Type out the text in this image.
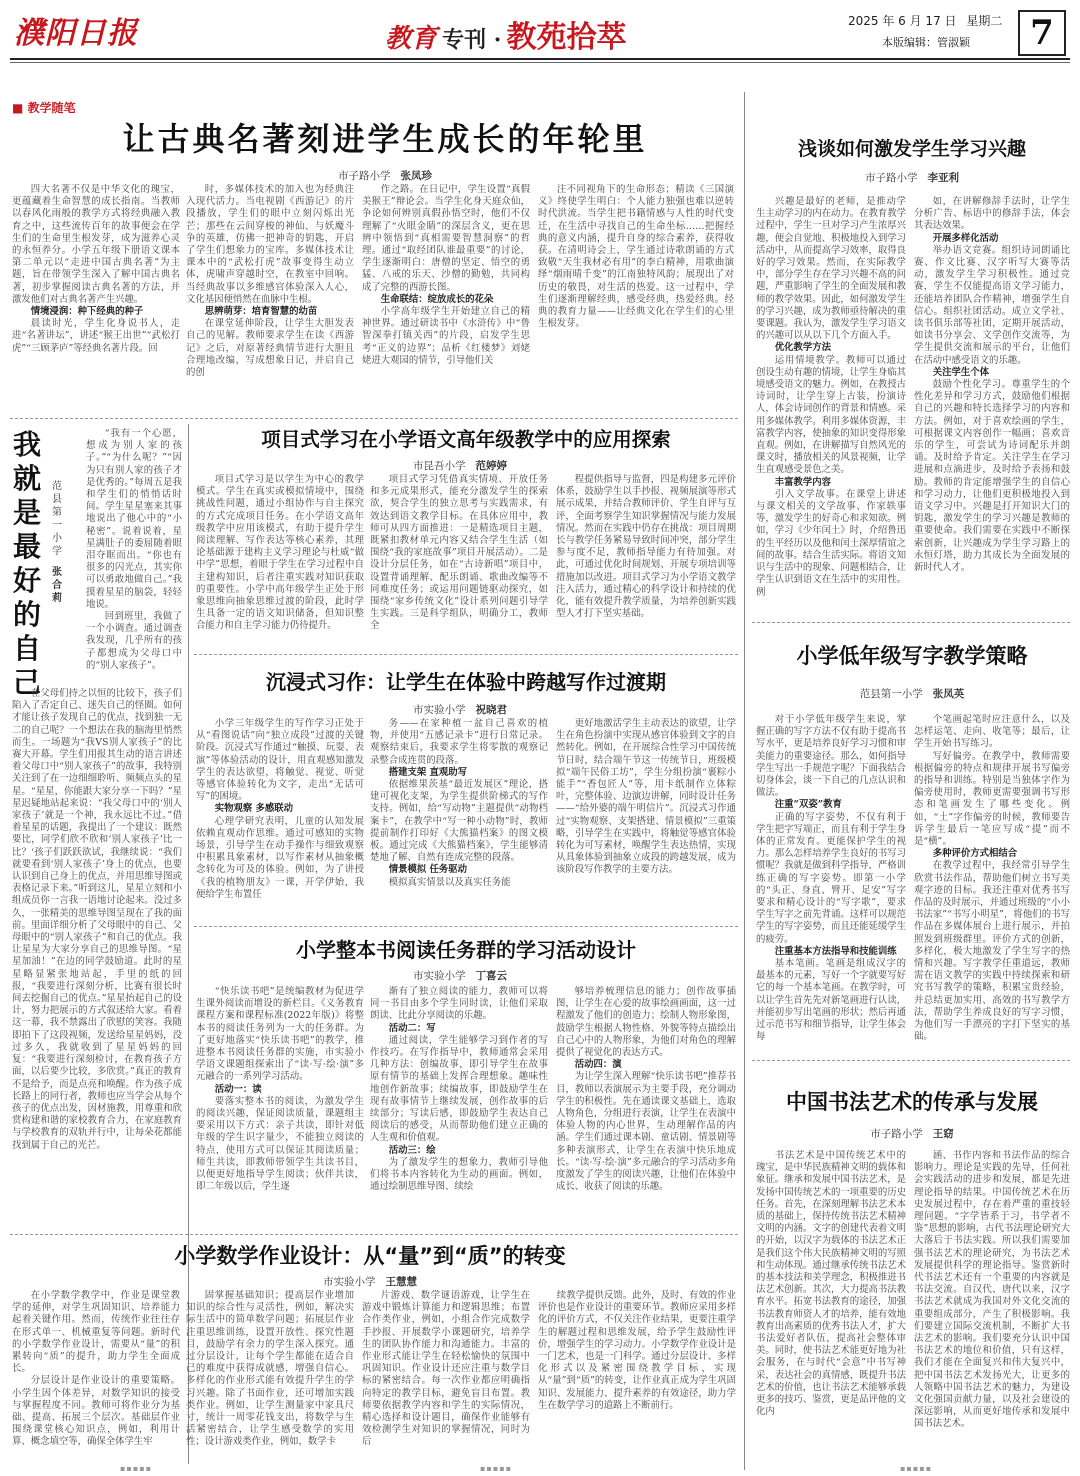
濮阳日报	教育 专刊 · 教苑拾萃	2025 年 6 月 17 日 星期二
本版编辑：管淑颖	7
■ 教学随笔
让古典名著刻进学生成长的年轮里
市子路小学 张凤珍

四大名著不仅是中华文化的瑰宝，更蕴藏着生命智慧的成长指南。当教师以春风化雨般的教学方式将经典融入教育之中，这些流传百年的故事便会在学生们的生命里生根发芽，成为滋养心灵的永恒养分。小学五年级下册语文课本第二单元以“走进中国古典名著”为主题，旨在带领学生深入了解中国古典名著，初步掌握阅读古典名著的方法，并激发他们对古典名著产生兴趣。

情境浸润：种下经典的种子

晨读时光，学生化身说书人，走进“名著讲坛”，讲述“猴王出世”“武松打虎”“三顾茅庐”等经典名著片段。回

时，多媒体技术的加入也为经典注入现代活力。当电视剧《西游记》的片段播放，学生们的眼中立刻闪烁出光芒；那些在云间穿梭的神仙、与妖魔斗争的英雄，仿佛一把神奇的钥匙，开启了学生们想象力的宝库。多媒体技术让课本中的“武松打虎”故事变得生动立体，虎啸声穿越时空，在教室中回响。当经典故事以多维感官体验深入人心，文化基因便悄然在血脉中生根。

思辨萌芽：培育智慧的幼苗

在课堂延伸阶段，让学生大胆发表自己的见解。教师要求学生在读《西游记》之后，对原著经典情节进行大胆且合理地改编，写成想象日记，并启自己的创

作之路。在日记中，学生设置“真假美猴王”辩论会。当学生化身天庭众仙，争论如何辨别真假孙悟空时，他们不仅理解了“火眼金睛”的深层含义，更在思辨中领悟到“真相需要智慧洞察”的哲理。通过“取经团队谁最重要”的讨论，学生逐渐明白：唐僧的坚定、悟空的勇猛、八戒的乐天、沙僧的勤勉，共同构成了完整的西游长图。

生命联结：绽放成长的花朵

小学高年级学生开始建立自己的精神世界。通过研读书中《水浒传》中“鲁智深拳打镇关西”的片段，启发学生思考“正义的边界”；品析《红楼梦》刘姥姥进大观园的情节，引导他们关

注不同视角下的生命形态；精读《三国演义》终使学生明白：个人能力独强也难以逆转时代洪流。当学生把书籍情感与人性的时代变迁，在生活中寻找自己的生命坐标……把握经典的意义内涵，提升自身的综合素养，获得收获。在清明诗会上，学生通过诗歌朗诵的方式致敬“天生我材必有用”的李白精神，用歌曲演绎“烟雨晴千变”的江南独特风韵；展现出了对历史的敬畏，对生活的热爱。这一过程中，学生们逐渐理解经典，感受经典，热爱经典。经典的教育力量——让经典文化在学生们的心里生根发芽。

我就是最好的自己
范县第一小学
张合莉

“我有一个心愿，想成为别人家的孩子。”“为什么呢？”“因为只有别人家的孩子才是优秀的。”每周五是我和学生们的悄悄话时间。学生星星塞来其事地说出了他心中的“小秘密”。说着说着，星星满肚子的委屈随着眼泪夺眶而出。“你也有很多的闪光点，其实你可以勇敢地做自己。”我摸着星星的脑袋，轻轻地说。

回到班里，我做了一个小调查。通过调查我发现，几乎所有的孩子都想成为父母口中的“别人家孩子”。

在父母们持之以恒的比较下，孩子们陷入了否定自己、迷失自己的怪圈。如何才能让孩子发现自己的优点，找到独一无二的自己呢？一个想法在我的脑海里悄然而生。一场题为“我VS别人家孩子”的比赛大开幕。学生们用报其生动的语言讲述着父母口中“别人家孩子”的故事，我特别关注到了在一边细细聆听、频频点头的星星。“星星，你能跟大家分享一下吗？”星星迟疑地站起来说：“我父母口中的‘别人家孩子’就是一个神，我永远比不过。”借着星星的话题，我提出了一个建议：既然要比，同学们欣不欣和‘别人家孩子’比一比？‘孩子们跃跃欲试，我继续说：“我们就要看到‘别人家孩子’身上的优点，也要认识到自己身上的优点，并用思维导图或表格记录下来。”听到这儿，星星立刻和小组成员你一言我一语地讨论起来。没过多久，一张精美的思维导图呈现在了我的面前。里面详细分析了父母眼中的自己、父母眼中的“别人家孩子”和自己的优点。我让星星为大家分享自己的思维导图。“星星加油！”在边的同学鼓励道。此时的星星略显紧张地站起，手里的纸的回报，“我要进行深刻分析，比赛有很长时间去挖掘自己的优点。”星星抬起自己的设计，努力把展示的方式叙述给大家。看着这一幕，我不禁露出了欣慰的笑容。我随即拍下了这段视频，发送给星星妈妈，没过多久，我就收到了星星妈妈的回复：“我要进行深刻检讨，在教育孩子方面，以后要少比较，多欣赏。”真正的教育不是给予，而是点亮和唤醒。作为孩子成长路上的同行者，教师也应当学会从每个孩子的优点出发，因材施教，用尊重和欣赏构建和谐的家校教育合力，在家庭教育与学校教育的双轨并行中，让每朵花都能找到属于自己的光芒。

项目式学习在小学语文高年级教学中的应用探索
市昆吾小学 范婷婷

项目式学习是以学生为中心的教学模式。学生在真实或模拟情境中，围绕挑战性问题，通过小组协作与自主探究的方式完成项目任务。在小学语文高年级教学中应用该模式，有助于提升学生阅读理解、写作表达等核心素养，其理论基础源于建构主义学习理论与杜威“做中学”思想，着眼于学生在学习过程中自主建构知识，后者注重实践对知识获取的重要性。小学中高年级学生正处于形象思维向抽象思维过渡的阶段，此时学生具备一定的语文知识储备，但知识整合能力和自主学习能力仍待提升。

项目式学习凭借真实情境、开放任务和多元成果形式，能充分激发学生的探索欲，契合学生的独立思考与实践需求，有效达到语文教学目标。在具体应用中，教师可从四方面推进：一是精选项目主题，既紧扣教材单元内容又结合学生生活（如围绕“我的家庭故事”项目开展活动）。二是设计分层任务，如在“古诗新唱”项目中，设置背诵理解、配乐朗诵、歌曲改编等不同难度任务；或运用问题链驱动探究，如围绕“家乡传统文化”设计系列问题引导学生实践。三是科学组队，明确分工，教师全

程提供指导与监督，四是构建多元评价体系，鼓励学生以手抄报、视频展演等形式展示成果，并结合教师评价、学生自评与互评，全面考察学生知识掌握情况与能力发展情况。然而在实践中仍存在挑战：项目周期长与教学任务紧易导致时间冲突，部分学生参与度不足，教师指导能力有待加强。对此，可通过优化时间规划、开展专项培训等措施加以改进。项目式学习为小学语文教学注入活力，通过精心的科学设计和持续的优化，能有效提升教学质量，为培养创新实践型人才打下坚实基础。

沉浸式习作：让学生在体验中跨越写作过渡期
市实验小学 祝晓君

小学三年级学生的写作学习正处于从“看图说话”向“独立成段”过渡的关键阶段。沉浸式写作通过“触摸、玩耍、表演”等体验活动的设计，用直观感知激发学生的表达欲望，将触觉、视觉、听觉等感官体验转化为文字，走出“无话可写”的困境。

实物观察 多感联动

心理学研究表明，儿童的认知发展依赖直观动作思维。通过可感知的实物场景，引导学生在动手操作与细致观察中积累具象素材，以写作素材从抽象概念转化为可及的体验。例如，为了讲授《我的植物朋友》一课，开学伊始，我便给学生布置任

务——在家种植一盆自己喜欢的植物，并使用“五感记录卡”进行日常记录。观察结束后，我要求学生将零散的观察记录整合成连贯的段落。

搭建支架 直观助写

依据维果茨基“最近发展区”理论，搭建可视化支架，为学生提供阶梯式的写作支持。例如，给“写动物”主题提供“动物档案卡”，在教学中“写一种小动物”时，教师提前制作打印好《大熊猫档案》的图文模板。通过完成《大熊猫档案》，学生能够清楚地了解、自然有连成完整的段落。

情景模拟 任务驱动

模拟真实情景以及真实任务能

更好地激活学生主动表达的欲望，让学生在角色扮演中实现从感官体验到文字的自然转化。例如，在开展综合性学习中国传统节日时，结合端午节这一传统节日，班级模拟“端午民俗工坊”，学生分组扮演“裹粽小能手”“香包匠人”等，用卡纸制作立体粽叶，完整体验、边演边讲解，同时设计任务——“给外婆的端午明信片”。沉浸式习作通过“实物观察、支架搭建、情景模拟”三重策略，引导学生在实践中，将触觉等感官体验转化为可写素材，唤醒学生表达热情，实现从具象体验到抽象立成段的跨越发展，成为该阶段写作教学的主要方法。

小学整本书阅读任务群的学习活动设计
市实验小学 丁喜云

“快乐读书吧”是统编教材为促进学生课外阅读而增设的新栏目。《义务教育课程方案和课程标准(2022年版)》将整本书的阅读任务列为一大的任务群。为了更好地落实“快乐读书吧”的教学，推进整本书阅读任务群的实施，市实验小学语文课题组探索出了“读·写·绘·演”多元融合的一系列学习活动。

活动一：读

要落实整本书的阅读，为激发学生的阅读兴趣，保证阅读质量，课题组主要采用以下方式：亲子共读，即针对低年级的学生识字量少，不能独立阅读的特点，使用方式可以保证其阅读质量；师生共读，即教师带领学生共读书目，以便更好地指导学生阅读；伙伴共读，即二年级以后，学生逐

渐有了独立阅读的能力，教师可以将同一书目由多个学生同时读，让他们采取朗读、比此分享阅读的乐趣。

活动二：写

通过阅读，学生能够学习到作者的写作技巧。在写作指导中，教师通常会采用几种方法：创编故事，即引导学生在故事原有情节的基础上发挥合理想象。趣味性地创作新故事；续编故事，即鼓励学生在现有故事情节上继续发展，创作故事的后续部分；写读后感，即鼓励学生表达自己阅读后的感受，从而帮助他们建立正确的人生观和价值观。

活动三：绘

为了激发学生的想象力，教师引导他们将书本内容转化为生动的画面。例如，通过绘制思维导图、续绘

够培养梳理信息的能力；创作故事插图，让学生在心爱的故事绘画画面，这一过程激发了他们的创造力；绘制人物形象图，鼓励学生根据人物性格、外貌等特点描绘出自己心中的人物形象，为他们对角色的理解提供了视觉化的表达方式。

活动四：演

为让学生深入理解“快乐读书吧”推荐书目，教师以表演展示为主要手段，充分调动学生的积极性。先在通读课文基础上，选取人物角色，分组进行表演，让学生在表演中体验人物的内心世界，生动理解作品的内涵。学生们通过课本剧、童话剧、情景剧等多种表演形式，让学生在表演中快乐地成长。“读·写·绘·演”多元融合的学习活动多角度激发了学生的阅读兴趣，让他们在体验中成长、收获了阅读的乐趣。

小学数学作业设计：从“量”到“质”的转变
市实验小学 王慧慧

在小学数学教学中，作业是课堂教学的延伸，对学生巩固知识、培养能力起着关键作用。然而，传统作业往往存在形式单一、机械重复等问题。新时代的小学数学作业设计，需要从“量”的积累转向“质”的提升，助力学生全面成长。

分层设计是作业设计的重要策略。小学生因个体差异，对数学知识的接受与掌握程度不同。教师可将作业分为基础、提高、拓展三个层次。基础层作业围绕课堂核心知识点，例如，利用计算、概念填空等，确保全体学生牢

固掌握基础知识；提高层作业增加知识的综合性与灵活性，例如，解决实际生活中的简单数学问题；拓展层作业注重思维训练，设置开放性、探究性题目，鼓励学有余力的学生深入探究。通过分层设计，让每个学生都能在适合自己的难度中获得成就感，增强自信心。多样化的作业形式能有效提升学生的学习兴趣。除了书面作业，还可增加实践类作业。例如，让学生测量家中家具尺寸，统计一周零花钱支出，将数学与生活紧密结合，让学生感受数学的实用性；设计游戏类作业，例如，数学卡

片游戏、数学谜语游戏，让学生在游戏中锻炼计算能力和逻辑思维；布置合作类作业，例如，小组合作完成数学手抄报、开展数学小课题研究，培养学生的团队协作能力和沟通能力。丰富的作业形式能让学生在轻松愉快的氛围中巩固知识。作业设计还应注重与数学目标的紧密结合。每一次作业都应明确指向特定的教学目标，避免盲目布置。教师要依据教学内容和学生的实际情况，精心选择和设计题目，确保作业能够有效检测学生对知识的掌握情况，同时为后

续教学提供反馈。此外，及时、有效的作业评价也是作业设计的重要环节。教师应采用多样化的评价方式，不仅关注作业结果，更要注重学生的解题过程和思维发展，给予学生鼓励性评价，增强学生的学习动力。小学数学作业设计是一门艺术，也是一门科学。通过分层设计、多样化形式以及紧密围绕教学目标，实现从“量”到“质”的转变，让作业真正成为学生巩固知识、发展能力、提升素养的有效途径，助力学生在数学学习的道路上不断前行。

浅谈如何激发学生学习兴趣
市子路小学 李亚利

兴趣是最好的老师，是推动学生主动学习的内在动力。在教育教学过程中，学生一旦对学习产生浓厚兴趣，便会自觉地、积极地投入到学习活动中，从而提高学习效率，取得良好的学习效果。然而，在实际教学中，部分学生存在学习兴趣不高的问题，严重影响了学生的全面发展和教师的教学效果。因此，如何激发学生的学习兴趣，成为教师亟待解决的重要课题。我认为，激发学生学习语文的兴趣可以从以下几个方面入手。

优化教学方法

运用情境教学。教师可以通过创设生动有趣的情境，让学生身临其境感受语文的魅力。例如，在教授古诗词时，让学生穿上古装，扮演诗人，体会诗词创作的背景和情感。采用多媒体教学。利用多媒体资源，丰富教学内容，使抽象的知识变得形象直观。例如，在讲解描写自然风光的课文时，播放相关的风景视频，让学生直观感受景色之美。

丰富教学内容

引入文学故事。在课堂上讲述与课文相关的文学故事、作家轶事等，激发学生的好奇心和求知欲。例如，学习《少年闰土》时，介绍鲁迅的生平经历以及他和闰土深厚情谊之间的故事。结合生活实际。将语文知识与生活中的现象、问题相结合，让学生认识到语文在生活中的实用性。例

如，在讲解修辞手法时，让学生分析广告、标语中的修辞手法，体会其表达效果。

开展多样化活动

举办语文竞赛。组织诗词朗诵比赛、作文比赛、汉字听写大赛等活动，激发学生学习积极性。通过竞赛，学生不仅能提高语文学习能力，还能培养团队合作精神，增强学生自信心。组织社团活动。成立文学社、读书俱乐部等社团，定期开展活动，如读书分享会、文学创作交流等，为学生提供交流和展示的平台，让他们在活动中感受语文的乐趣。

关注学生个体

鼓励个性化学习。尊重学生的个性化差异和学习方式，鼓励他们根据自己的兴趣和特长选择学习的内容和方法。例如，对于喜欢绘画的学生，可根据课文内容创作一幅画；喜欢音乐的学生，可尝试为诗词配乐并朗诵。及时给予肯定。关注学生在学习进展和点滴进步，及时给予表扬和鼓励。教师的肯定能增强学生的自信心和学习动力，让他们更积极地投入到语文学习中。兴趣是打开知识大门的钥匙，激发学生的学习兴趣是教师的重要使命。我们需要在实践中不断探索创新，让兴趣成为学生学习路上的永恒灯塔，助力其成长为全面发展的新时代人才。

小学低年级写字教学策略
范县第一小学 张凤英

对于小学低年级学生来说，掌握正确的写字方法不仅有助于提高书写水平，更是培养良好学习习惯和审美能力的重要途径。那么，如何指导学生写出一手规范字呢？下面我结合切身体会，谈一下自己的几点认识和做法。

注重“双姿”教育

正确的写字姿势，不仅有利于学生把字写端正，而且有利于学生身体的正常发育。更能保护学生的视力。那么怎样培养学生良好的书写习惯呢？我就是做到科学指导，严格训练正确的写字姿势。即第一小学的“头正、身直、臂开、足安”写字要求和精心设计的“写字歌”，要求学生写字之前先背诵。这样可以规范学生的写字姿势，而且还能延缓学生的疲劳。

注重基本方法指导和技能训练

基本笔画。笔画是组成汉字的最基本的元素，写好一个字就要写好它的每一个基本笔画。在教学时，可以让学生首先先对新笔画进行认读，并能初步写出笔画的形状；然后再通过示范书写和细节指导，让学生体会每

个笔画起笔时应注意什么，以及怎样运笔、走向、收笔等；最后，让学生开始书写练习。

写好偏旁。在教学中，教师需要根据偏旁的特点和规律开展书写偏旁的指导和训练。特别是当独体字作为偏旁使用时，教师更需要强调书写形态和笔画发生了哪些变化。例如，“土”字作偏旁的时候，教师要告诉学生最后一笔应写成“提”而不是“横”。

多种评价方式相结合

在教学过程中，我经常引导学生欣赏书法作品，帮助他们树立书写美观字迹的目标。我还注重对优秀书写作品的及时展示，并通过班级的“小小书法家”“书写小明星”，将他们的书写作品在多媒体展台上进行展示，并拍照发到班级群里。评价方式的创新，多样化，极大地激发了学生写字的热情和兴趣。写字教学任重道远，教师需在语文教学的实践中持续探索和研究书写教学的策略，积累宝贵经验，并总结更加实用、高效的书写教学方法，帮助学生养成良好的写字习惯，为他们写一手漂亮的字打下坚实的基础。

中国书法艺术的传承与发展
市子路小学 王窈

书法艺术是中国传统艺术中的瑰宝，是中华民族精神文明的载体和象征。继承和发展中国书法艺术，是发扬中国传统艺术的一项重要的历史任务。首先，在深刻理解书法艺术本质的基础上，保持传统书法艺术精神文明的内涵。文字的创建代表着文明的开始，以汉字为载体的书法艺术正是我们这个伟大民族精神文明的写照和生动体现。通过继承传统书法艺术的基本技法和美学理念，积极推进书法艺术创新。其次，大力提高书法教育水平。拓宽书法教育的途径，加强书法教育师资人才的培养，能有效地教育出高素质的优秀书法人才，扩大书法爱好者队伍，提高社会整体审美。同时，使书法艺术能更好地为社会服务，在与时代“会意”中书写神采，表达社会的真情感，既提升书法艺术的价值，也让书法艺术能够承载更多的技巧、鉴赏，更是品评他的文化内

涵、书作内容和书法作品的综合影响力。理论是实践的先导，任何社会实践活动的进步和发展，都是先进理论指导的结果。中国传统艺术在历史发展过程中，存在着严重的重技轻理问题。“字学皆系于习，书学者不鉴”思想的影响，古代书法理论研究大大落后于书法实践。所以我们需要加强书法艺术的理论研究，为书法艺术发展提供科学的理论指导。鉴赏新时代书法艺术还有一个重要的内容就是书法交流。自汉代、唐代以来，汉字书法艺术就成为我国对外文化交流的重要组成部分，产生了积极影响。我们要建立国际交流机制，不断扩大书法艺术的影响。我们要充分认识中国书法艺术的地位和价值，只有这样，我们才能在全面复兴和伟大复兴中，把中国书法艺术发扬光大，让更多的人领略中国书法艺术的魅力，为建设文化强国贡献力量，以及社会建设的深远影响，从而更好地传承和发展中国书法艺术。

▪▪▪▪▪	▪▪▪▪▪	▪▪▪▪▪
